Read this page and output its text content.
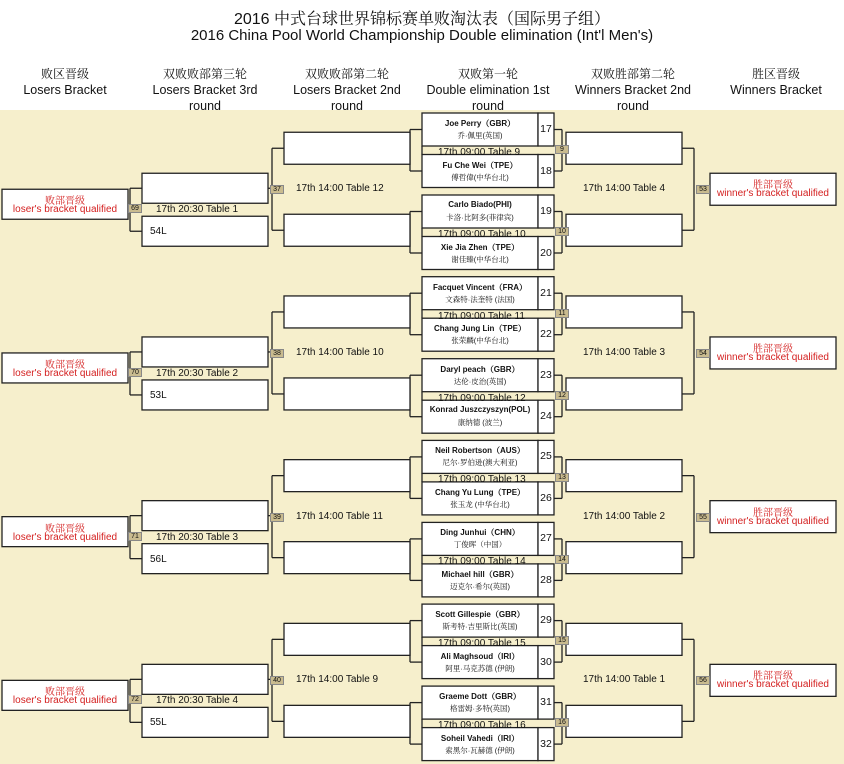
2016 中式台球世界锦标赛单败淘汰表（国际男子组）
2016 China Pool World Championship Double elimination (Int'l Men's)
败区晋级
Losers Bracket
双败败部第三轮
Losers Bracket 3rd round
双败败部第二轮
Losers Bracket 2nd round
双败第一轮
Double elimination 1st round
双败胜部第二轮
Winners Bracket 2nd round
胜区晋级
Winners Bracket
Joe Perry（GBR）
乔·佩里(英国)
17
Fu Che Wei（TPE）
傅哲偉(中华台北)
18
17th 09:00 Table 9	9
Carlo Biado(PHI)
卡洛·比阿多(菲律宾)
19
Xie Jia Zhen（TPE）
谢佳臻(中华台北)
20
17th 09:00 Table 10	10
17th 14:00 Table 4	53	胜部晋级
winner's bracket qualified
17th 14:00 Table 12
37
17th 20:30 Table 1
54L
69
败部晋级
loser's bracket qualified
Facquet Vincent（FRA）
文森特·法奎特 (法国)
21
Chang Jung Lin（TPE）
张荣麟(中华台北)
22
17th 09:00 Table 11	11
Daryl peach（GBR）
达伦·皮治(英国)
23
Konrad Juszczyszyn(POL)
康纳德 (波兰)
24
17th 09:00 Table 12	12
17th 14:00 Table 3	54	胜部晋级
winner's bracket qualified
17th 14:00 Table 10
38
17th 20:30 Table 2
53L
70
败部晋级
loser's bracket qualified
Neil Robertson（AUS）
尼尔·罗伯逊(澳大利亚)
25
Chang Yu Lung（TPE）
张玉龙 (中华台北)
26
17th 09:00 Table 13	13
Ding Junhui（CHN）
丁俊晖（中国）
27
Michael hill（GBR）
迈克尔·希尔(英国)
28
17th 09:00 Table 14	14
17th 14:00 Table 2	55	胜部晋级
winner's bracket qualified
17th 14:00 Table 11
39
17th 20:30 Table 3
56L
71
败部晋级
loser's bracket qualified
Scott Gillespie（GBR）
斯考特·吉里斯比(英国)
29
Ali Maghsoud（IRI）
阿里·马克苏德 (伊朗)
30
17th 09:00 Table 15	15
Graeme Dott（GBR）
格雷姆·多特(英国)
31
Soheil Vahedi（IRI）
索黑尔·瓦赫德 (伊朗)
32
17th 09:00 Table 16	16
17th 14:00 Table 1	56	胜部晋级
winner's bracket qualified
17th 14:00 Table 9
40
17th 20:30 Table 4
55L
72
败部晋级
loser's bracket qualified
